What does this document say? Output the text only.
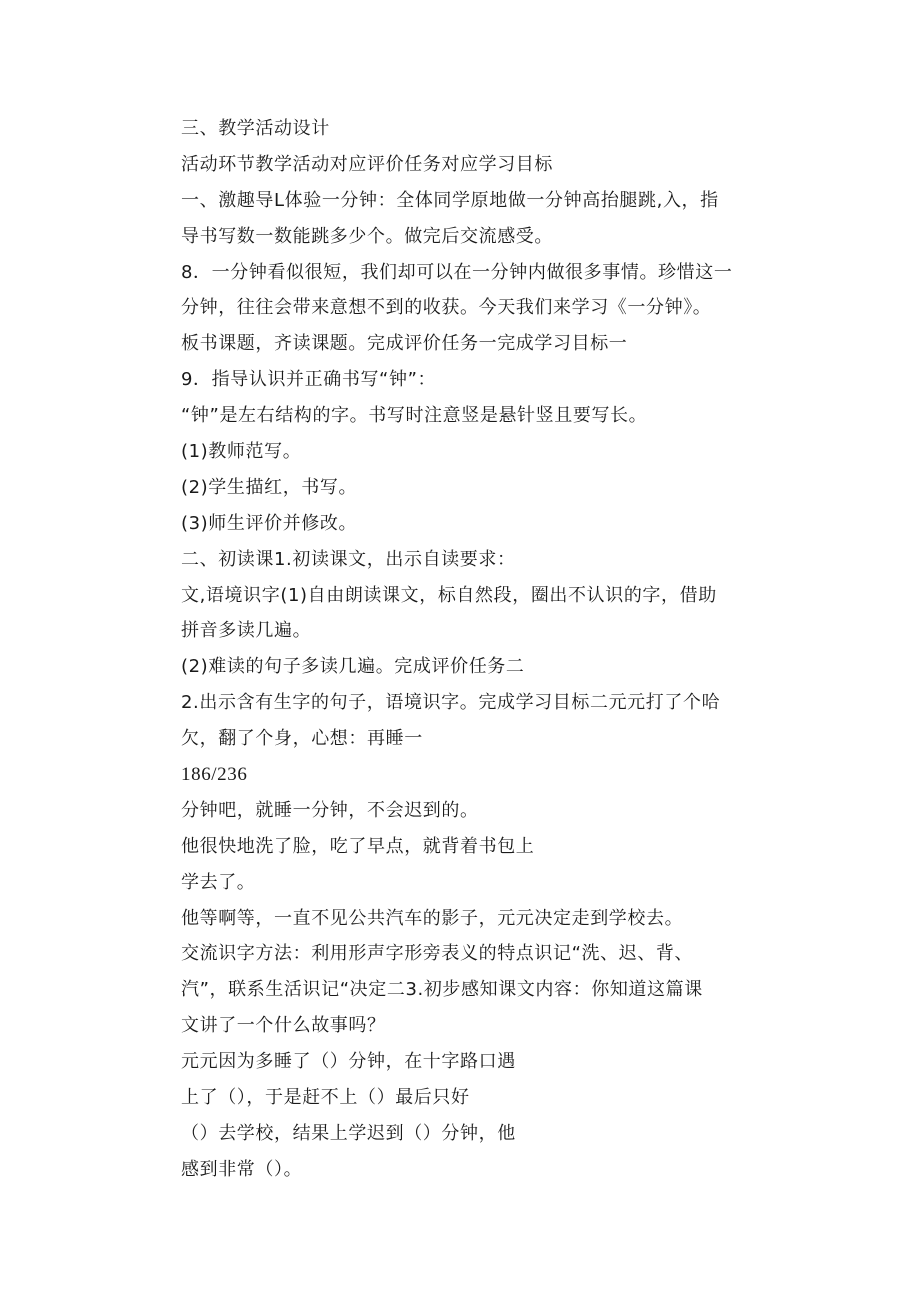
三、教学活动设计
活动环节教学活动对应评价任务对应学习目标
一、激趣导L体验一分钟：全体同学原地做一分钟高抬腿跳,入，指
导书写数一数能跳多少个。做完后交流感受。
8．一分钟看似很短，我们却可以在一分钟内做很多事情。珍惜这一
分钟，往往会带来意想不到的收获。今天我们来学习《一分钟》。
板书课题，齐读课题。完成评价任务一完成学习目标一
9．指导认识并正确书写“钟”：
“钟”是左右结构的字。书写时注意竖是悬针竖且要写长。
(1)教师范写。
(2)学生描红，书写。
(3)师生评价并修改。
二、初读课1.初读课文，出示自读要求：
文,语境识字(1)自由朗读课文，标自然段，圈出不认识的字，借助
拼音多读几遍。
(2)难读的句子多读几遍。完成评价任务二
2.出示含有生字的句子，语境识字。完成学习目标二元元打了个哈
欠，翻了个身，心想：再睡一
186/236
分钟吧，就睡一分钟，不会迟到的。
他很快地洗了脸，吃了早点，就背着书包上
学去了。
他等啊等，一直不见公共汽车的影子，元元决定走到学校去。
交流识字方法：利用形声字形旁表义的特点识记“洗、迟、背、
汽”，联系生活识记“决定二3.初步感知课文内容：你知道这篇课
文讲了一个什么故事吗？
元元因为多睡了（）分钟，在十字路口遇
上了（），于是赶不上（）最后只好
（）去学校，结果上学迟到（）分钟，他
感到非常（）。
